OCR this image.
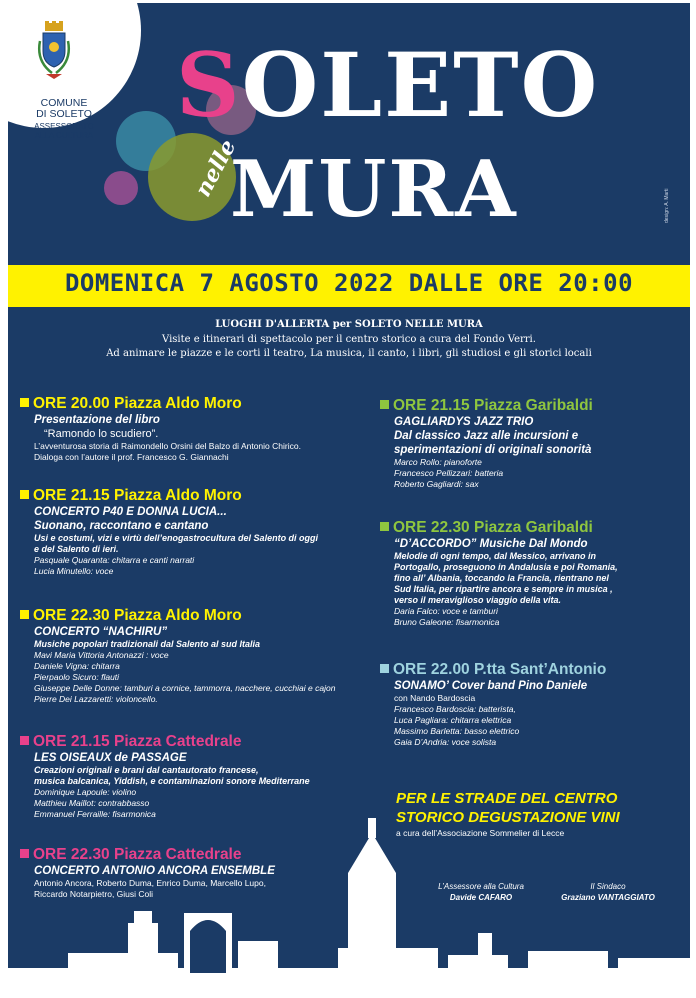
COMUNE
DI SOLETO
ASSESSORATO
ALLA CULTURA SOLETO
MURA
nelle
design: A. Marti
DOMENICA 7 AGOSTO 2022 DALLE ORE 20:00
LUOGHI D'ALLERTA per SOLETO NELLE MURA
Visite e itinerari di spettacolo per il centro storico a cura del Fondo Verri.
Ad animare le piazze e le corti il teatro, La musica, il canto, i libri, gli studiosi e gli storici locali
ORE 20.00 Piazza Aldo Moro
Presentazione del libro
“Ramondo lo scudiero”.
L’avventurosa storia di Raimondello Orsini del Balzo di Antonio Chirico.
Dialoga con l’autore il prof. Francesco G. Giannachi
ORE 21.15 Piazza Aldo Moro
CONCERTO P40 E DONNA LUCIA...
Suonano, raccontano e cantano
Usi e costumi, vizi e virtù dell’enogastrocultura del Salento di oggi
e del Salento di ieri.
Pasquale Quaranta: chitarra e canti narrati
Lucia Minutello: voce
ORE 22.30 Piazza Aldo Moro
CONCERTO “NACHIRU”
Musiche popolari tradizionali dal Salento al sud Italia
Mavi Maria Vittoria Antonazzi : voce
Daniele Vigna: chitarra
Pierpaolo Sicuro: flauti
Giuseppe Delle Donne: tamburi a cornice, tammorra, nacchere, cucchiai e cajon
Pierre Dei Lazzaretti: violoncello.
ORE 21.15 Piazza Cattedrale
LES OISEAUX de PASSAGE
Creazioni originali e brani dal cantautorato francese,
musica balcanica, Yiddish, e contaminazioni sonore Mediterrane
Dominique Lapoule: violino
Matthieu Maillot: contrabbasso
Emmanuel Ferraille: fisarmonica
ORE 22.30 Piazza Cattedrale
CONCERTO ANTONIO ANCORA ENSEMBLE
Antonio Ancora, Roberto Duma, Enrico Duma, Marcello Lupo,
Riccardo Notarpietro, Giusi Coli
ORE 21.15 Piazza Garibaldi
GAGLIARDYS JAZZ TRIO
Dal classico Jazz alle incursioni e
sperimentazioni di originali sonorità
Marco Rollo: pianoforte
Francesco Pellizzari: batteria
Roberto Gagliardi: sax
ORE 22.30 Piazza Garibaldi
“D’ACCORDO” Musiche Dal Mondo
Melodie di ogni tempo, dal Messico, arrivano in
Portogallo, proseguono in Andalusia e poi Romania,
fino all’ Albania, toccando la Francia, rientrano nel
Sud Italia, per ripartire ancora e sempre in musica ,
verso il meraviglioso viaggio della vita.
Daria Falco: voce e tamburi
Bruno Galeone: fisarmonica
ORE 22.00 P.tta Sant’Antonio
SONAMO’ Cover band Pino Daniele
con Nando Bardoscia
Francesco Bardoscia: batterista,
Luca Pagliara: chitarra elettrica
Massimo Barletta: basso elettrico
Gaia D’Andria: voce solista
PER LE STRADE DEL CENTRO
STORICO DEGUSTAZIONE VINI
a cura dell’Associazione Sommelier di Lecce
L’Assessore alla Cultura
Davide CAFARO
Il Sindaco
Graziano VANTAGGIATO
